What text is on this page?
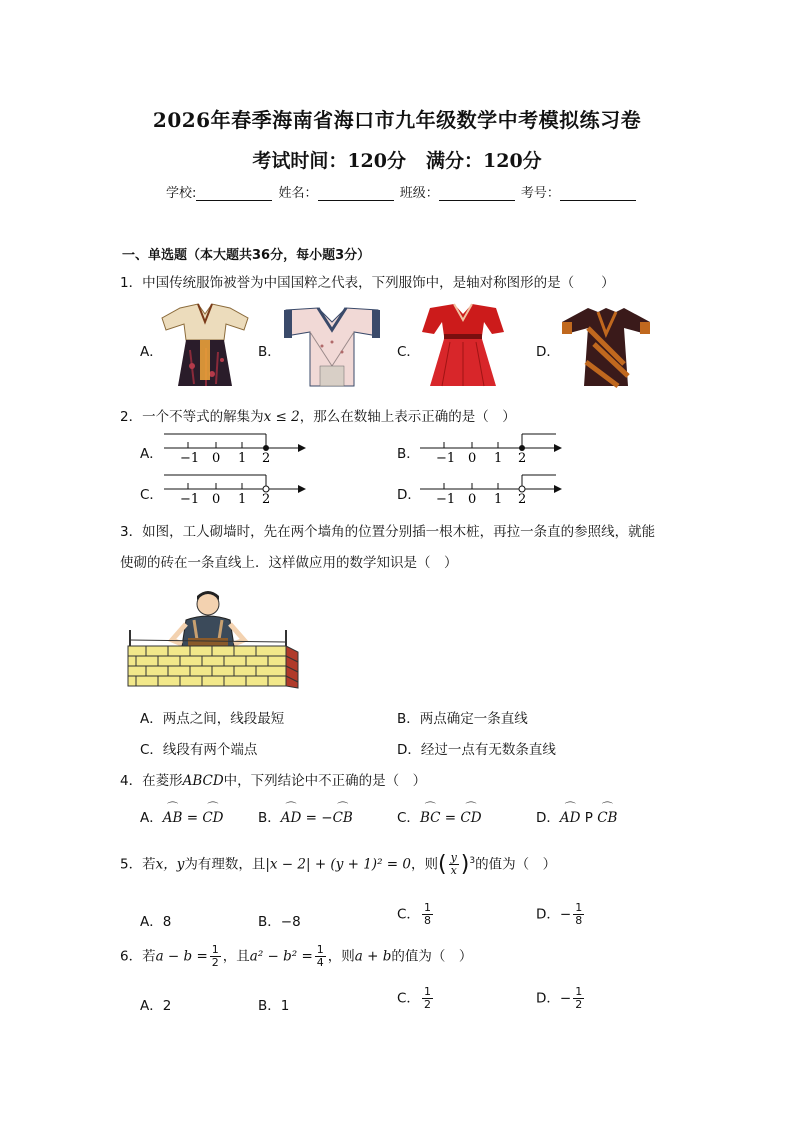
2026年春季海南省海口市九年级数学中考模拟练习卷
考试时间：120分 满分：120分
学校:	姓名：	班级：	考号：
一、单选题（本大题共36分，每小题3分）
1．中国传统服饰被誉为中国国粹之代表，下列服饰中，是轴对称图形的是（　　）
A．	B．	C．	D．
2．一个不等式的解集为x ≤ 2，那么在数轴上表示正确的是（　）
A．	B．
C．	D．
−1 0 1 2	−1 0 1 2
−1 0 1 2	−1 0 1 2
3．如图，工人砌墙时，先在两个墙角的位置分别插一根木桩，再拉一条直的参照线，就能
使砌的砖在一条直线上．这样做应用的数学知识是（　）
A．两点之间，线段最短	B．两点确定一条直线
C．线段有两个端点	D．经过一点有无数条直线
4．在菱形ABCD中，下列结论中不正确的是（　）
A．⌒ AB = ⌒ CD	B．⌒ AD = −⌒ CB	C．⌒ BC = ⌒ CD	D．⌒ AD P ⌒ CB
5．若x，y为有理数，且|x − 2| + (y + 1)² = 0，则( $\frac{y}{x} )^3$的值为（　）
A．8	B．−8	C． $\frac{1}{8}$	D．− $\frac{1}{8}$
6．若$a - b = \frac{1}{2}$ ，且$a^2 - b^2 = \frac{1}{4}$ ，则a + b的值为（　）
A．2	B．1	C． $\frac{1}{2}$	D．− $\frac{1}{2}$
